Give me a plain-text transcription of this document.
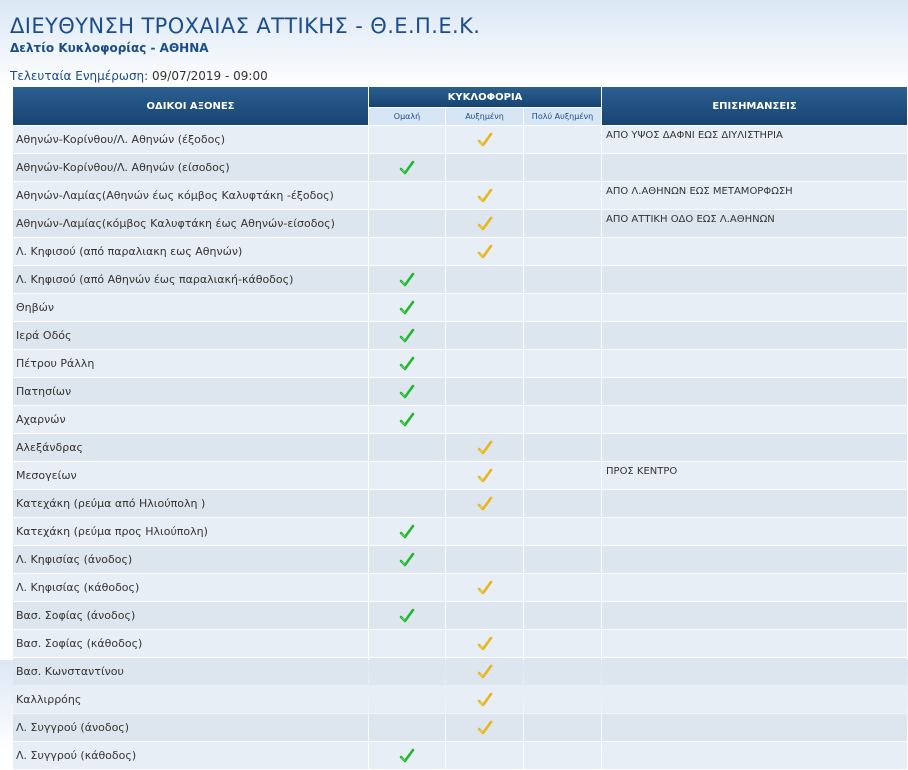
ΔΙΕΥΘΥΝΣΗ ΤΡΟΧΑΙΑΣ ΑΤΤΙΚΗΣ - Θ.Ε.Π.Ε.Κ.
Δελτίο Κυκλοφορίας - ΑΘΗΝΑ
Τελευταία Ενημέρωση: 09/07/2019 - 09:00
ΟΔΙΚΟΙ ΑΞΟΝΕΣ	ΚΥΚΛΟΦΟΡΙΑ			ΕΠΙΣΗΜΑΝΣΕΙΣ
	Ομαλή	Αυξημένη	Πολύ Αυξημένη	
Αθηνών-Κορίνθου/Λ. Αθηνών (έξοδος)				ΑΠΟ ΥΨΟΣ ΔΑΦΝΙ ΕΩΣ ΔΙΥΛΙΣΤΗΡΙΑ
Αθηνών-Κορίνθου/Λ. Αθηνών (είσοδος)				
Αθηνών-Λαμίας(Αθηνών έως κόμβος Καλυφτάκη -έξοδος)				ΑΠΟ Λ.ΑΘΗΝΩΝ ΕΩΣ ΜΕΤΑΜΟΡΦΩΣΗ
Αθηνών-Λαμίας(κόμβος Καλυφτάκη έως Αθηνών-είσοδος)				ΑΠΟ ΑΤΤΙΚΗ ΟΔΟ ΕΩΣ Λ.ΑΘΗΝΩΝ
Λ. Κηφισού (από παραλιακη εως Αθηνών)				
Λ. Κηφισού (από Αθηνών έως παραλιακή-κάθοδος)				
Θηβών				
Ιερά Οδός				
Πέτρου Ράλλη				
Πατησίων				
Αχαρνών				
Αλεξάνδρας				
Μεσογείων				ΠΡΟΣ ΚΕΝΤΡΟ
Κατεχάκη (ρεύμα από Ηλιούπολη )				
Κατεχάκη (ρεύμα προς Ηλιούπολη)				
Λ. Κηφισίας (άνοδος)				
Λ. Κηφισίας (κάθοδος)				
Βασ. Σοφίας (άνοδος)				
Βασ. Σοφίας (κάθοδος)				
Βασ. Κωνσταντίνου				
Καλλιρρόης				
Λ. Συγγρού (άνοδος)				
Λ. Συγγρού (κάθοδος)				
